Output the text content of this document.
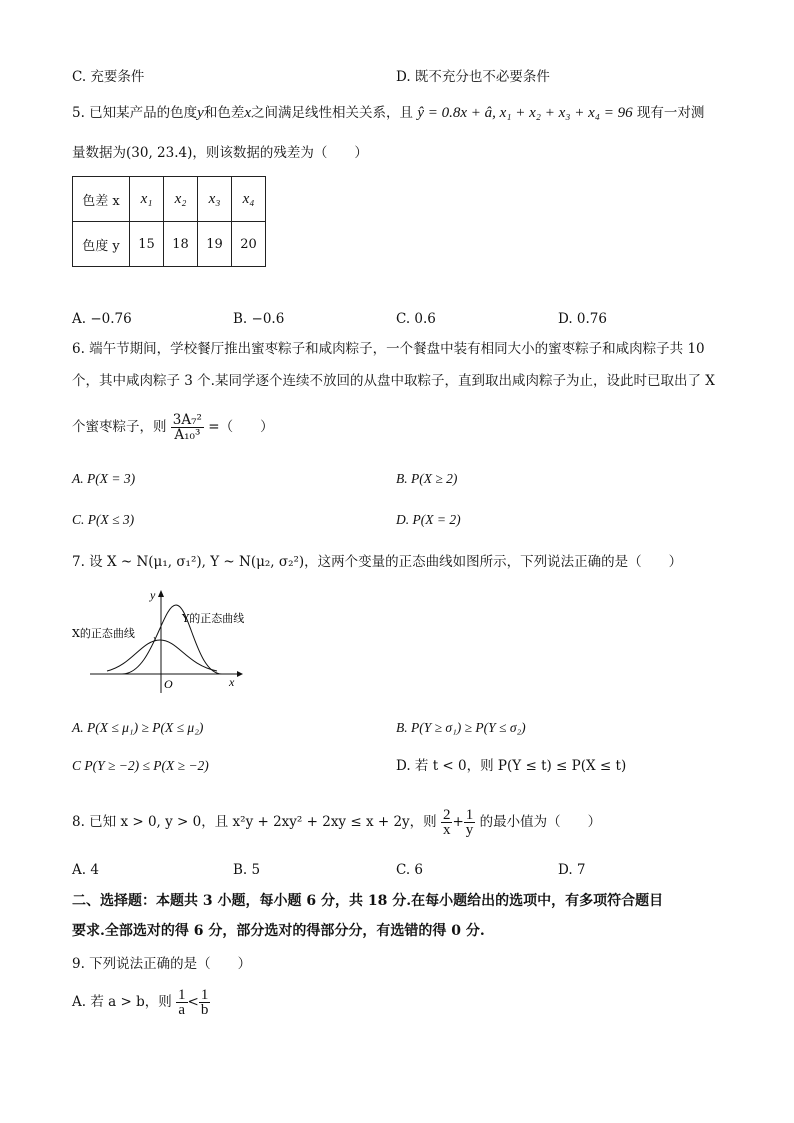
C. 充要条件	D. 既不充分也不必要条件
5. 已知某产品的色度y和色差x之间满足线性相关关系，且 ŷ = 0.8x + â, x₁ + x₂ + x₃ + x₄ = 96 现有一对测
量数据为(30, 23.4)，则该数据的残差为（　　）
色差 x	x₁	x₂	x₃	x₄
色度 y	15	18	19	20
A. −0.76	B. −0.6	C. 0.6	D. 0.76
6. 端午节期间，学校餐厅推出蜜枣粽子和咸肉粽子，一个餐盘中装有相同大小的蜜枣粽子和咸肉粽子共 10
个，其中咸肉粽子 3 个.某同学逐个连续不放回的从盘中取粽子，直到取出咸肉粽子为止，设此时已取出了 X
个蜜枣粽子，则 $\frac{\text{3A₇²}}{\text{A₁₀³}}$ =（　　）
A. P(X = 3)	B. P(X ≥ 2)
C. P(X ≤ 3)	D. P(X = 2)
7. 设 X ~ N(μ₁, σ₁²), Y ~ N(μ₂, σ₂²)，这两个变量的正态曲线如图所示，下列说法正确的是（　　）
y
x
O
Y的正态曲线
X的正态曲线
A. P(X ≤ μ₁) ≥ P(X ≤ μ₂)	B. P(Y ≥ σ₁) ≥ P(Y ≤ σ₂)
C P(Y ≥ −2) ≤ P(X ≥ −2)	D. 若 t < 0，则 P(Y ≤ t) ≤ P(X ≤ t)
8. 已知 x > 0, y > 0，且 x²y + 2xy² + 2xy ≤ x + 2y，则 $\frac{2}{x} + \frac{1}{y}$ 的最小值为（　　）
A. 4	B. 5	C. 6	D. 7
二、选择题：本题共 3 小题，每小题 6 分，共 18 分.在每小题给出的选项中，有多项符合题目
要求.全部选对的得 6 分，部分选对的得部分分，有选错的得 0 分.
9. 下列说法正确的是（　　）
A. 若 a > b，则 $\frac{1}{a} < \frac{1}{b}$
